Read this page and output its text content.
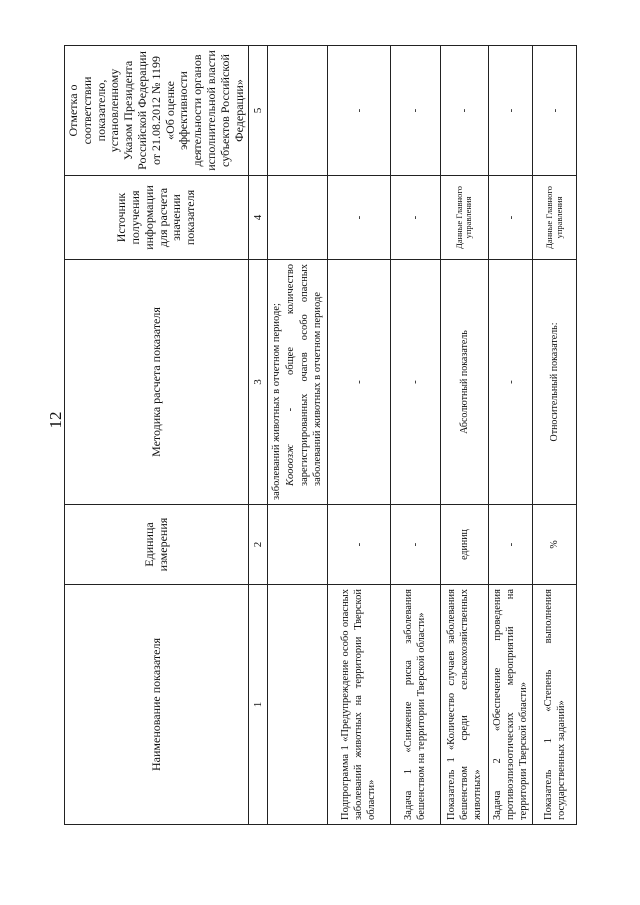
12
Наименование показателя	Единица измерения	Методика расчета показателя	Источник получения информации для расчета значении показателя	Отметка о соответствии показателю, установленному Указом Президента Российской Федерации от 21.08.2012 № 1199 «Об оценке эффективности деятельности органов исполнительной власти субъектов Российской Федерации»
1	2	3	4	5

		заболеваний животных в отчетном периоде; Kooooзж - общее количество зарегистрированных очагов особо опасных заболеваний животных в отчетном периоде		

Подпрограмма 1 «Предупреждение особо опасных заболеваний животных на территории Тверской области»	-	-	-	-
Задача 1 «Снижение риска заболевания бешенством на территории Тверской области»	-	-	-	-
Показатель 1 «Количество случаев заболевания бешенством среди сельскохозяйственных животных»	единиц	Абсолютный показатель	Данные Главного управления	-
Задача 2 «Обеспечение проведения противоэпизоотических мероприятий на территории Тверской области»	-	-	-	-
Показатель 1 «Степень выполнения государственных заданий»	%	Относительный показатель:	Данные Главного управления	-
